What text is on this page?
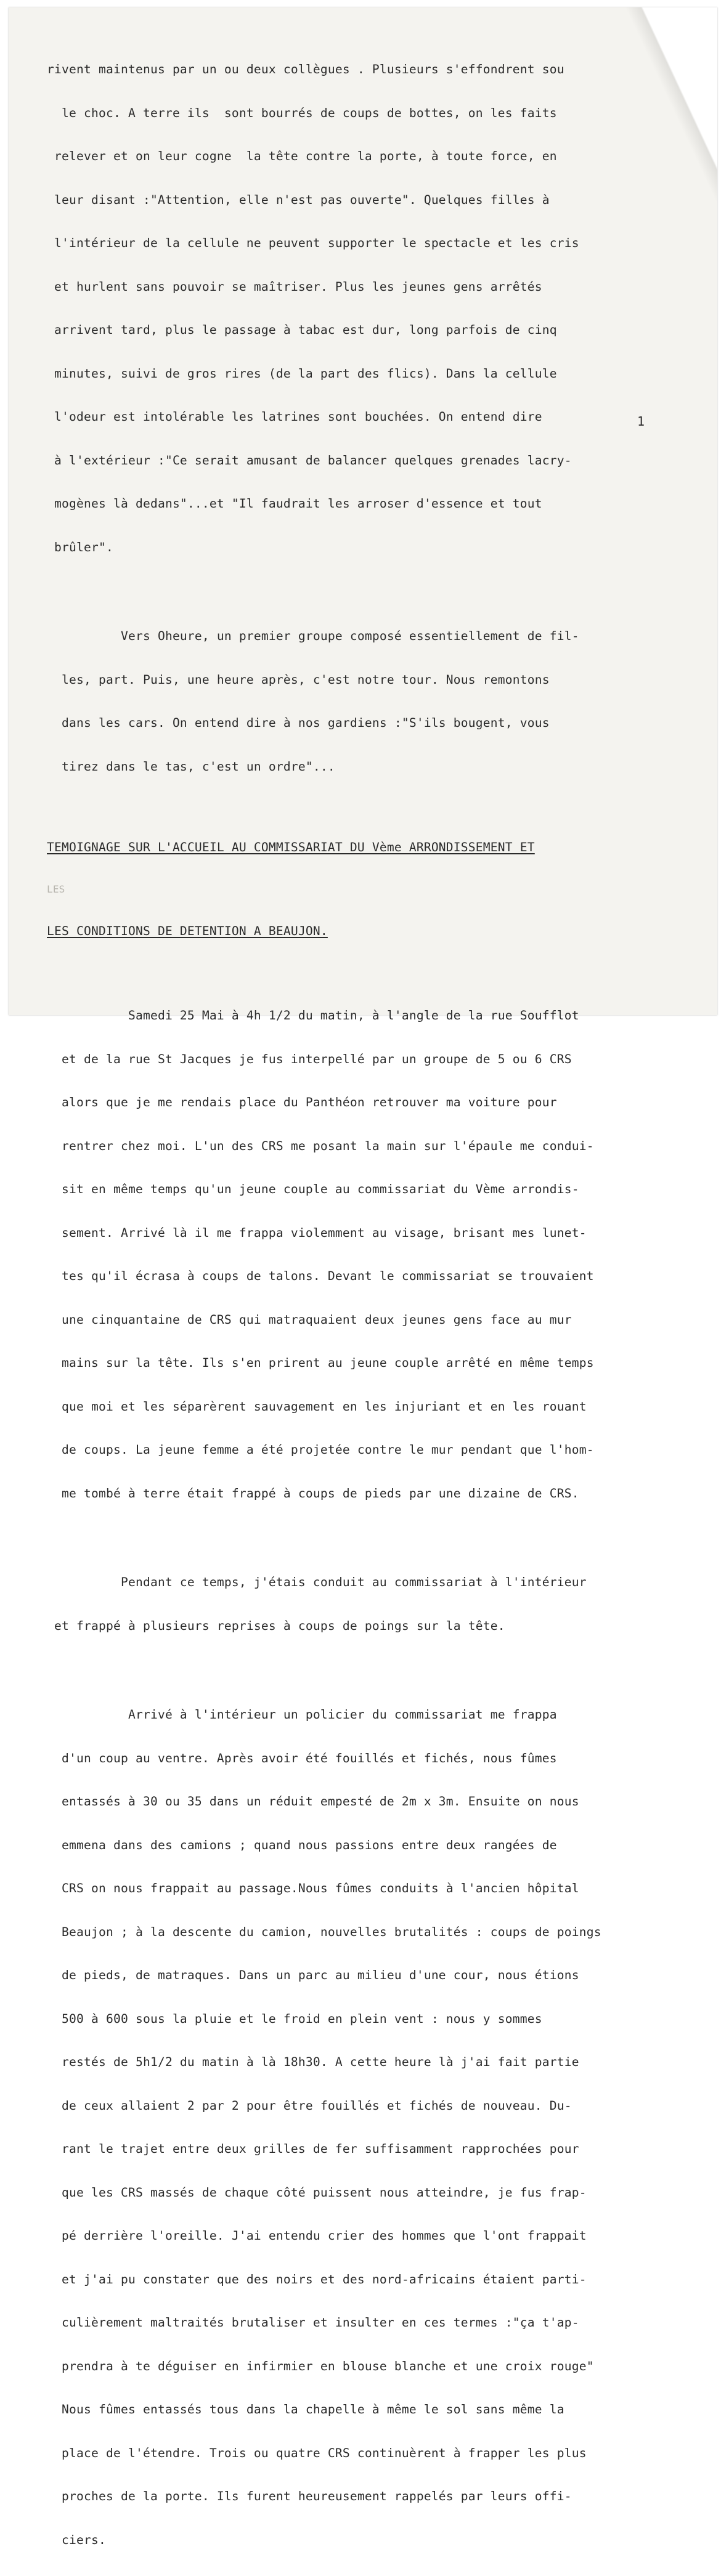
rivent maintenus par un ou deux collègues . Plusieurs s'effondrent sou

le choc. A terre ils  sont bourrés de coups de bottes, on les faits

relever et on leur cogne  la tête contre la porte, à toute force, en

leur disant :"Attention, elle n'est pas ouverte". Quelques filles à

l'intérieur de la cellule ne peuvent supporter le spectacle et les cris

et hurlent sans pouvoir se maîtriser. Plus les jeunes gens arrêtés

arrivent tard, plus le passage à tabac est dur, long parfois de cinq

minutes, suivi de gros rires (de la part des flics). Dans la cellule

l'odeur est intolérable les latrines sont bouchées. On entend dire

à l'extérieur :"Ce serait amusant de balancer quelques grenades lacry-

mogènes là dedans"...et "Il faudrait les arroser d'essence et tout

brûler".

Vers Oheure, un premier groupe composé essentiellement de fil-

les, part. Puis, une heure après, c'est notre tour. Nous remontons

dans les cars. On entend dire à nos gardiens :"S'ils bougent, vous

tirez dans le tas, c'est un ordre"...

TEMOIGNAGE SUR L'ACCUEIL AU COMMISSARIAT DU Vème ARRONDISSEMENT ET

LES

LES CONDITIONS DE DETENTION A BEAUJON.

Samedi 25 Mai à 4h 1/2 du matin, à l'angle de la rue Soufflot

et de la rue St Jacques je fus interpellé par un groupe de 5 ou 6 CRS

alors que je me rendais place du Panthéon retrouver ma voiture pour

rentrer chez moi. L'un des CRS me posant la main sur l'épaule me condui-

sit en même temps qu'un jeune couple au commissariat du Vème arrondis-

sement. Arrivé là il me frappa violemment au visage, brisant mes lunet-

tes qu'il écrasa à coups de talons. Devant le commissariat se trouvaient

une cinquantaine de CRS qui matraquaient deux jeunes gens face au mur

mains sur la tête. Ils s'en prirent au jeune couple arrêté en même temps

que moi et les séparèrent sauvagement en les injuriant et en les rouant

de coups. La jeune femme a été projetée contre le mur pendant que l'hom-

me tombé à terre était frappé à coups de pieds par une dizaine de CRS.

Pendant ce temps, j'étais conduit au commissariat à l'intérieur

et frappé à plusieurs reprises à coups de poings sur la tête.

Arrivé à l'intérieur un policier du commissariat me frappa

d'un coup au ventre. Après avoir été fouillés et fichés, nous fûmes

entassés à 30 ou 35 dans un réduit empesté de 2m x 3m. Ensuite on nous

emmena dans des camions ; quand nous passions entre deux rangées de

CRS on nous frappait au passage.Nous fûmes conduits à l'ancien hôpital

Beaujon ; à la descente du camion, nouvelles brutalités : coups de poings

de pieds, de matraques. Dans un parc au milieu d'une cour, nous étions

500 à 600 sous la pluie et le froid en plein vent : nous y sommes

restés de 5h1/2 du matin à là 18h30. A cette heure là j'ai fait partie

de ceux allaient 2 par 2 pour être fouillés et fichés de nouveau. Du-

rant le trajet entre deux grilles de fer suffisamment rapprochées pour

que les CRS massés de chaque côté puissent nous atteindre, je fus frap-

pé derrière l'oreille. J'ai entendu crier des hommes que l'ont frappait

et j'ai pu constater que des noirs et des nord-africains étaient parti-

culièrement maltraités brutaliser et insulter en ces termes :"ça t'ap-

prendra à te déguiser en infirmier en blouse blanche et une croix rouge"

Nous fûmes entassés tous dans la chapelle à même le sol sans même la

place de l'étendre. Trois ou quatre CRS continuèrent à frapper les plus

proches de la porte. Ils furent heureusement rappelés par leurs offi-

ciers.

1
